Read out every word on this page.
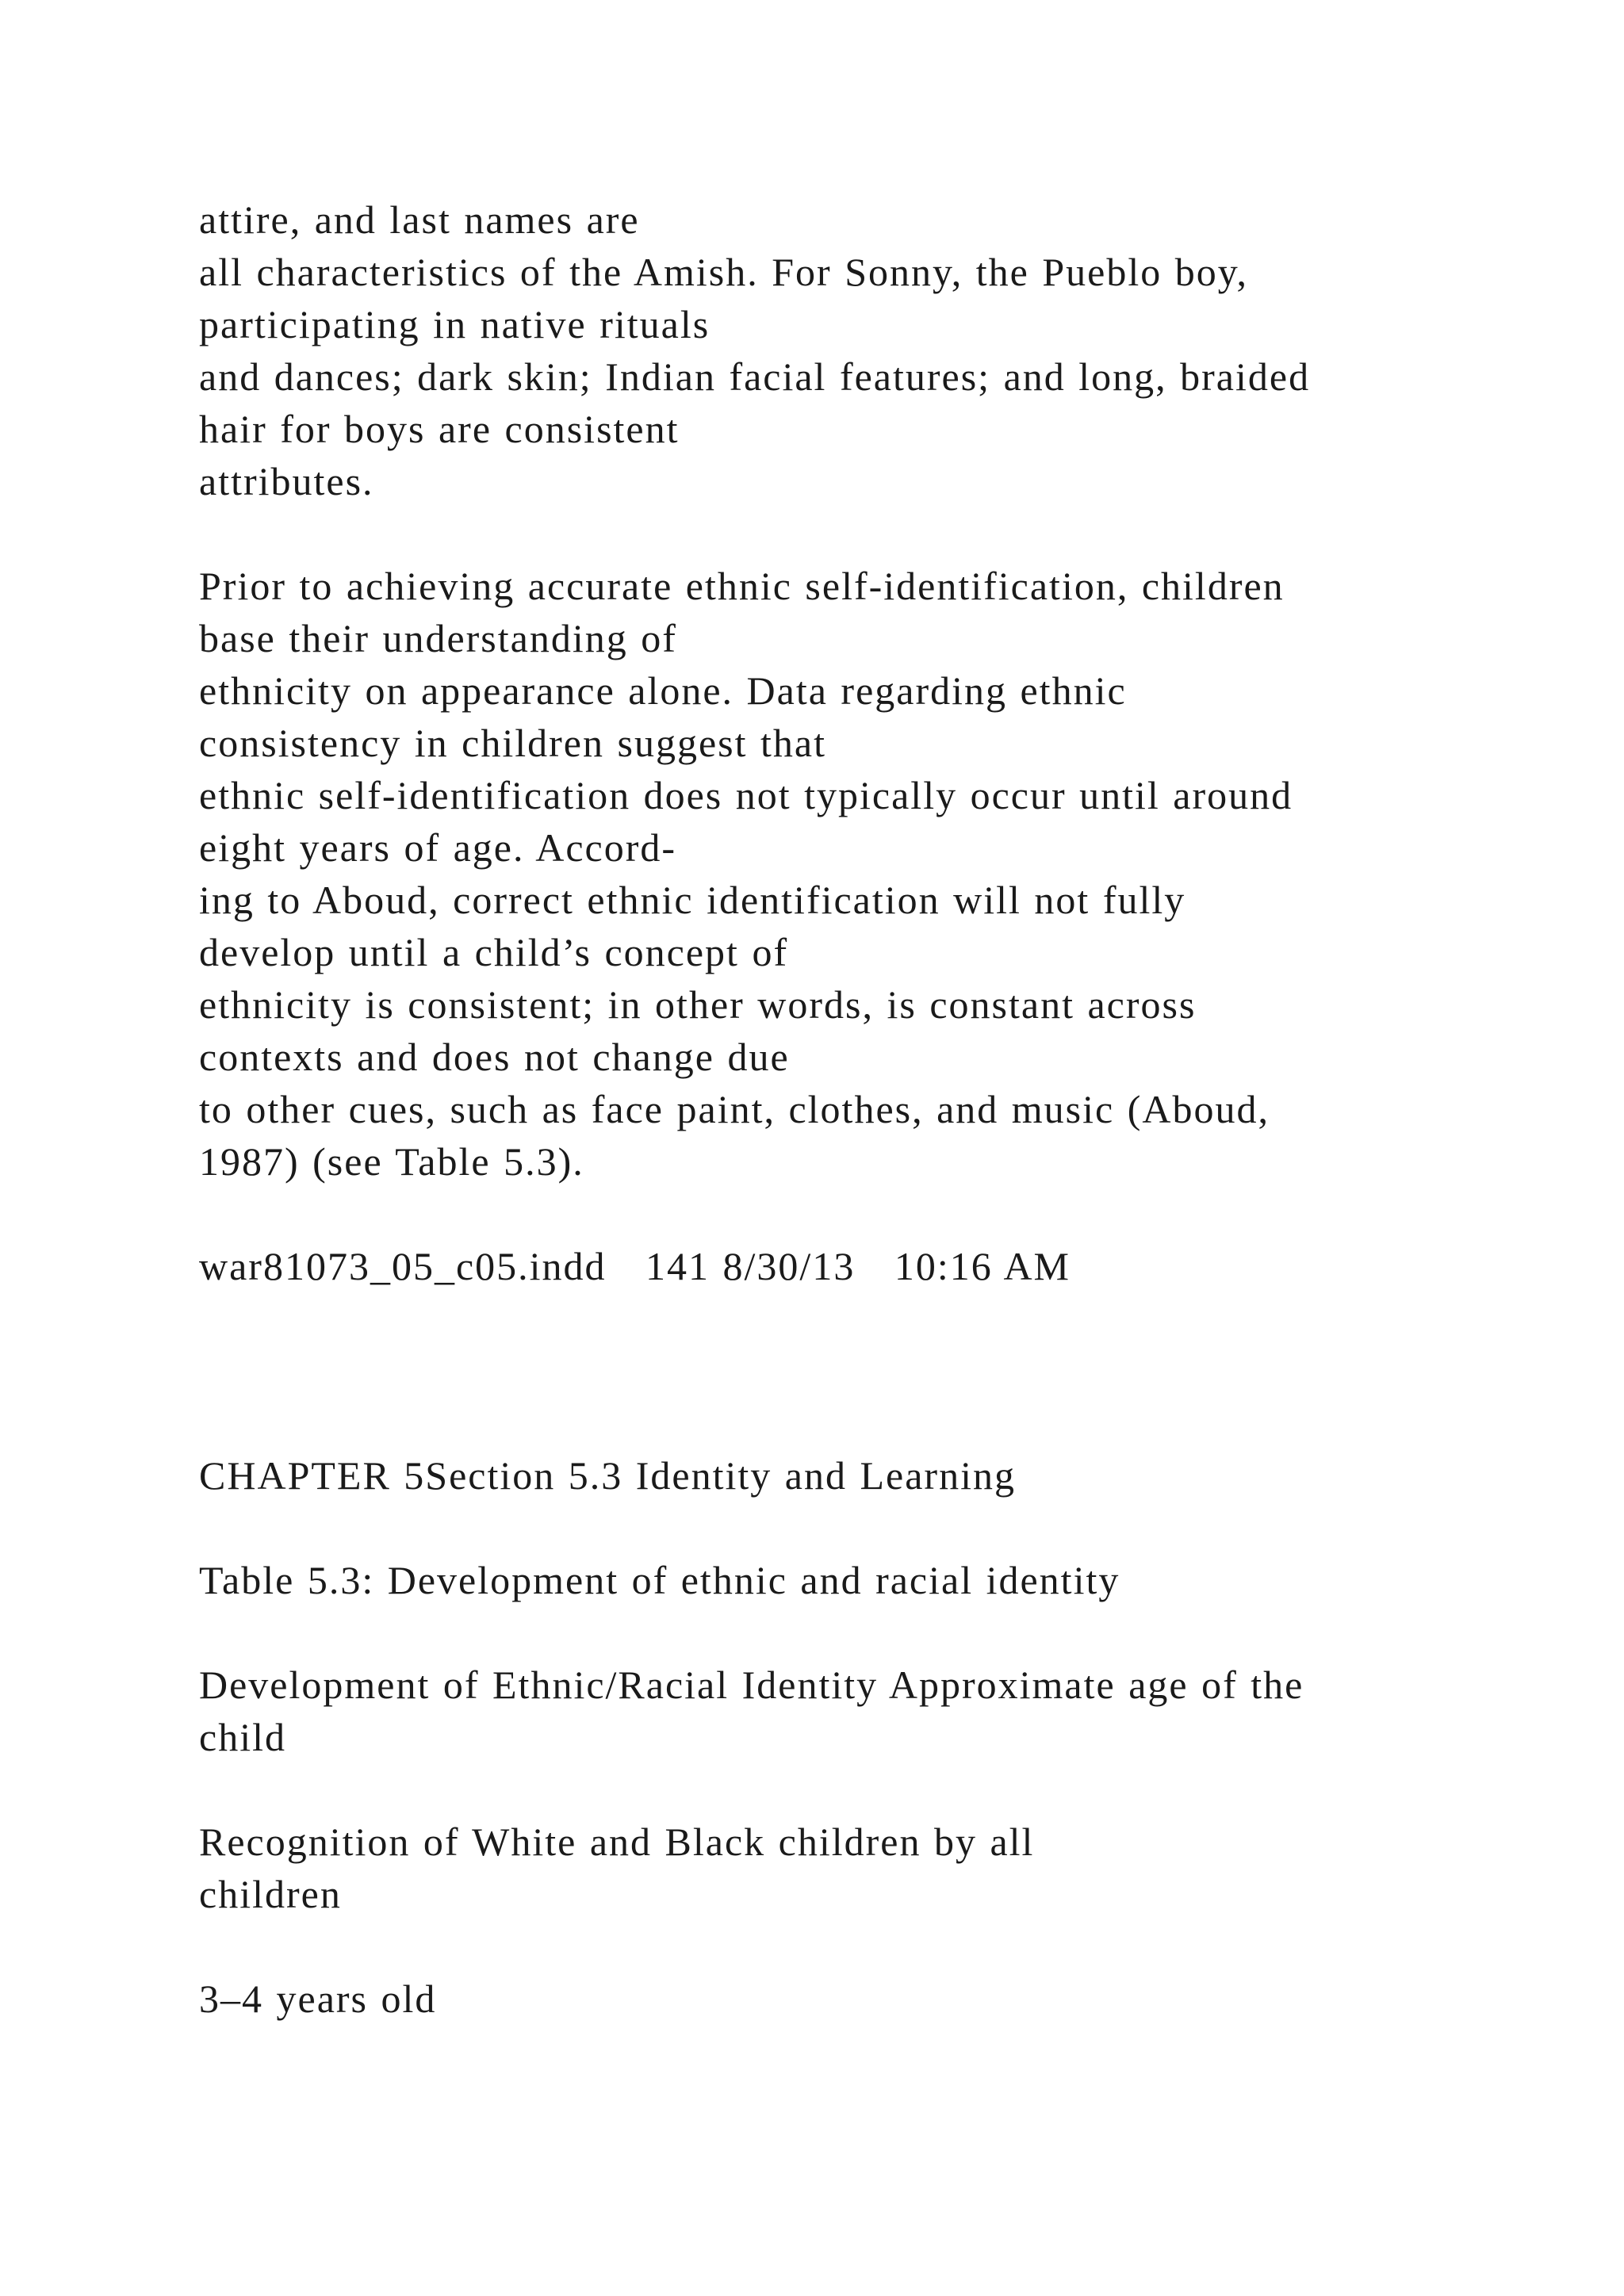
attire, and last names are
all characteristics of the Amish. For Sonny, the Pueblo boy,
participating in native rituals
and dances; dark skin; Indian facial features; and long, braided
hair for boys are consistent
attributes.

Prior to achieving accurate ethnic self-identification, children
base their understanding of
ethnicity on appearance alone. Data regarding ethnic
consistency in children suggest that
ethnic self-identification does not typically occur until around
eight years of age. Accord-
ing to Aboud, correct ethnic identification will not fully
develop until a child’s concept of
ethnicity is consistent; in other words, is constant across
contexts and does not change due
to other cues, such as face paint, clothes, and music (Aboud,
1987) (see Table 5.3).

war81073_05_c05.indd   141 8/30/13   10:16 AM

CHAPTER 5Section 5.3 Identity and Learning

Table 5.3: Development of ethnic and racial identity

Development of Ethnic/Racial Identity Approximate age of the
child

Recognition of White and Black children by all
children

3–4 years old
